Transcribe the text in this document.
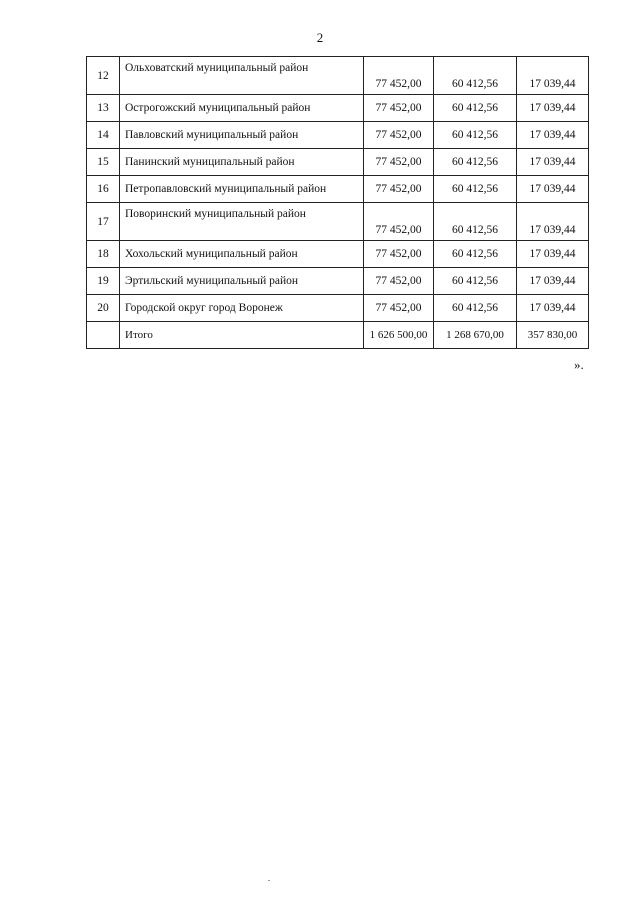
2
12	Ольховатский муниципальный район	77 452,00	60 412,56	17 039,44
13	Острогожский муниципальный район	77 452,00	60 412,56	17 039,44
14	Павловский муниципальный район	77 452,00	60 412,56	17 039,44
15	Панинский муниципальный район	77 452,00	60 412,56	17 039,44
16	Петропавловский муниципальный район	77 452,00	60 412,56	17 039,44
17	Поворинский муниципальный район	77 452,00	60 412,56	17 039,44
18	Хохольский муниципальный район	77 452,00	60 412,56	17 039,44
19	Эртильский муниципальный район	77 452,00	60 412,56	17 039,44
20	Городской округ город Воронеж	77 452,00	60 412,56	17 039,44
	Итого	1 626 500,00	1 268 670,00	357 830,00
».
